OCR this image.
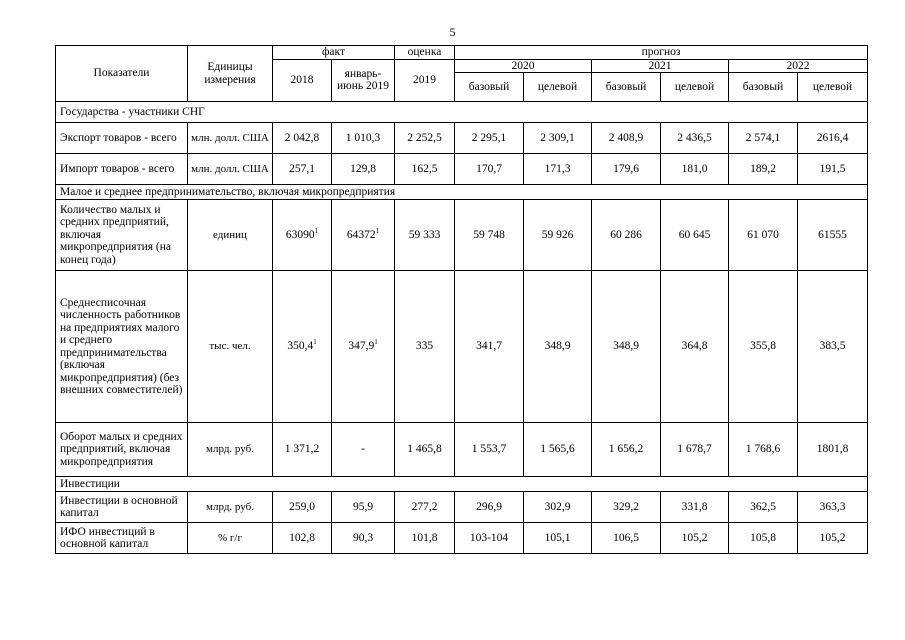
5
Показатели	Единицы измерения	факт		оценка	прогноз					
		2018	январь-июнь 2019	2019	2020		2021		2022	
					базовый	целевой	базовый	целевой	базовый	целевой
Государства - участники СНГ										
Экспорт товаров - всего	млн. долл. США	2 042,8	1 010,3	2 252,5	2 295,1	2 309,1	2 408,9	2 436,5	2 574,1	2616,4
Импорт товаров - всего	млн. долл. США	257,1	129,8	162,5	170,7	171,3	179,6	181,0	189,2	191,5
Малое и среднее предпринимательство, включая микропредприятия										
Количество малых и средних предприятий, включая микропредприятия (на конец года)	единиц	63090$^1$	64372$^1$	59 333	59 748	59 926	60 286	60 645	61 070	61555
Среднесписочная численность работников на предприятиях малого и среднего предпринимательства (включая микропредприятия) (без внешних совместителей)	тыс. чел.	350,4$^1$	347,9$^1$	335	341,7	348,9	348,9	364,8	355,8	383,5
Оборот малых и средних предприятий, включая микропредприятия	млрд. руб.	1 371,2	-	1 465,8	1 553,7	1 565,6	1 656,2	1 678,7	1 768,6	1801,8
Инвестиции										
Инвестиции в основной капитал	млрд. руб.	259,0	95,9	277,2	296,9	302,9	329,2	331,8	362,5	363,3
ИФО инвестиций в основной капитал	% г/г	102,8	90,3	101,8	103-104	105,1	106,5	105,2	105,8	105,2
